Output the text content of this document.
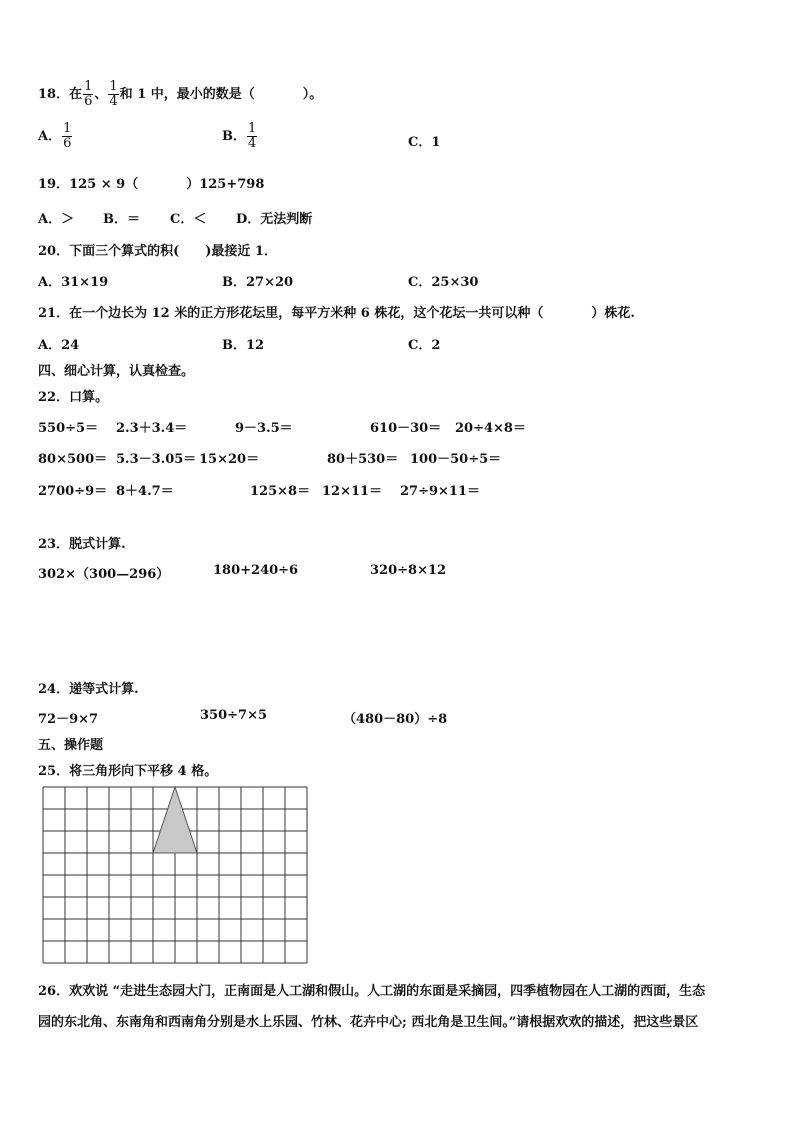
18．在 $\frac{1}{6}$ 、 $\frac{1}{4}$ 和 1 中，最小的数是（	）。
A． $\frac{1}{6}$	B． $\frac{1}{4}$	C．1
19．125 × 9（	）125+798
A．＞ B．＝ C．＜ D．无法判断
20．下面三个算式的积(　　)最接近 1．
A．31×19	B．27×20	C．25×30
21．在一个边长为 12 米的正方形花坛里，每平方米种 6 株花，这个花坛一共可以种（	）株花.
A．24	B．12	C．2
四、细心计算，认真检查。
22．口算。
550÷5＝ 2.3＋3.4＝	9－3.5＝	610－30＝ 20÷4×8＝
80×500＝ 5.3－3.05＝ 15×20＝	80＋530＝ 100－50÷5＝
2700÷9＝ 8＋4.7＝	125×8＝ 12×11＝ 27÷9×11＝
23．脱式计算.
302×（300—296）	180+240÷6	320÷8×12
24．递等式计算.
72－9×7	350÷7×5	（480－80）÷8
五、操作题
25．将三角形向下平移 4 格。
26．欢欢说 “走进生态园大门，正南面是人工湖和假山。人工湖的东面是采摘园，四季植物园在人工湖的西面，生态
园的东北角、东南角和西南角分别是水上乐园、竹林、花卉中心; 西北角是卫生间。”请根据欢欢的描述，把这些景区
